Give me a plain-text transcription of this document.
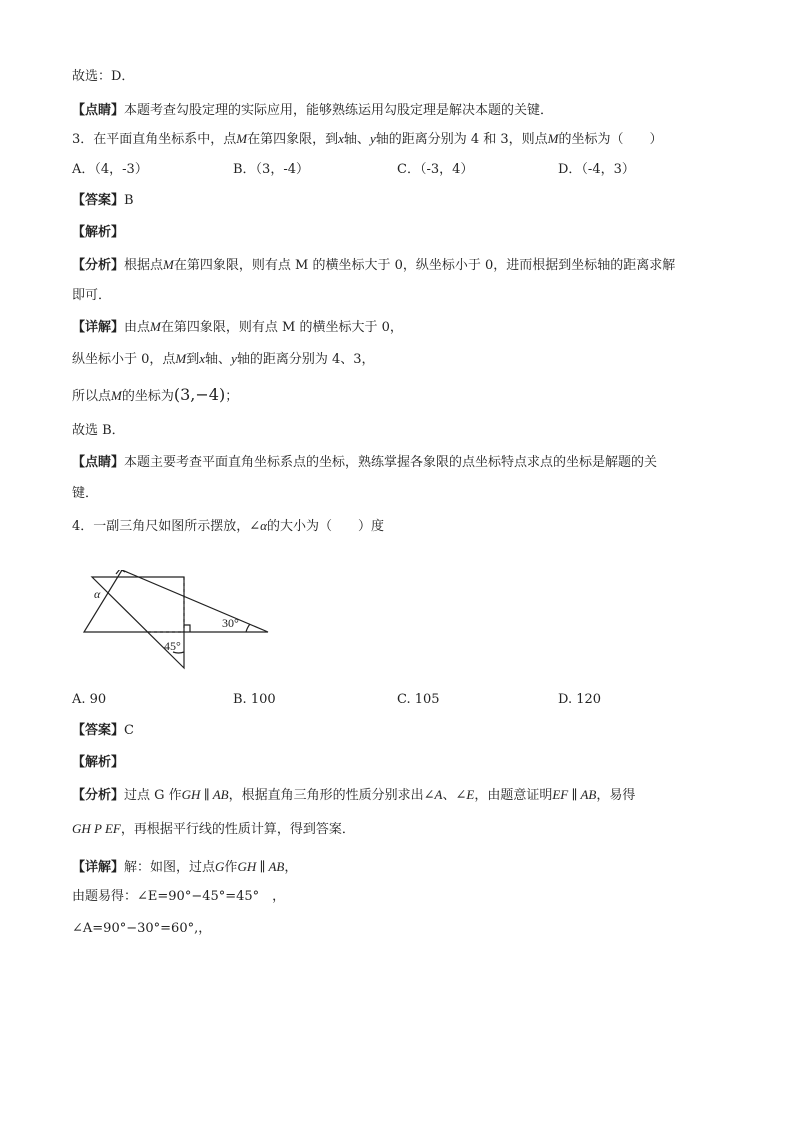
故选：D．
【点睛】本题考查勾股定理的实际应用，能够熟练运用勾股定理是解决本题的关键．
3．在平面直角坐标系中，点M在第四象限，到x轴、y轴的距离分别为 4 和 3，则点M的坐标为（　　）
A．（4，-3）	B．（3，-4）	C．（-3，4）	D．（-4，3）
【答案】B
【解析】
【分析】根据点M在第四象限，则有点 M 的横坐标大于 0，纵坐标小于 0，进而根据到坐标轴的距离求解
即可．
【详解】由点M在第四象限，则有点 M 的横坐标大于 0，
纵坐标小于 0，点M到x轴、y轴的距离分别为 4、3，
所以点M的坐标为(3,−4)；
故选 B．
【点睛】本题主要考查平面直角坐标系点的坐标，熟练掌握各象限的点坐标特点求点的坐标是解题的关
键．
4．一副三角尺如图所示摆放，∠α的大小为（　　）度
α
30°
45°
A. 90	B. 100	C. 105	D. 120
【答案】C
【解析】
【分析】过点 G 作GH ∥ AB，根据直角三角形的性质分别求出∠A、∠E，由题意证明EF ∥ AB，易得
GH P EF，再根据平行线的性质计算，得到答案．
【详解】解：如图，过点G作GH ∥ AB，
由题易得：∠E=90°−45°=45°　，
∠A=90°−30°=60°,，
